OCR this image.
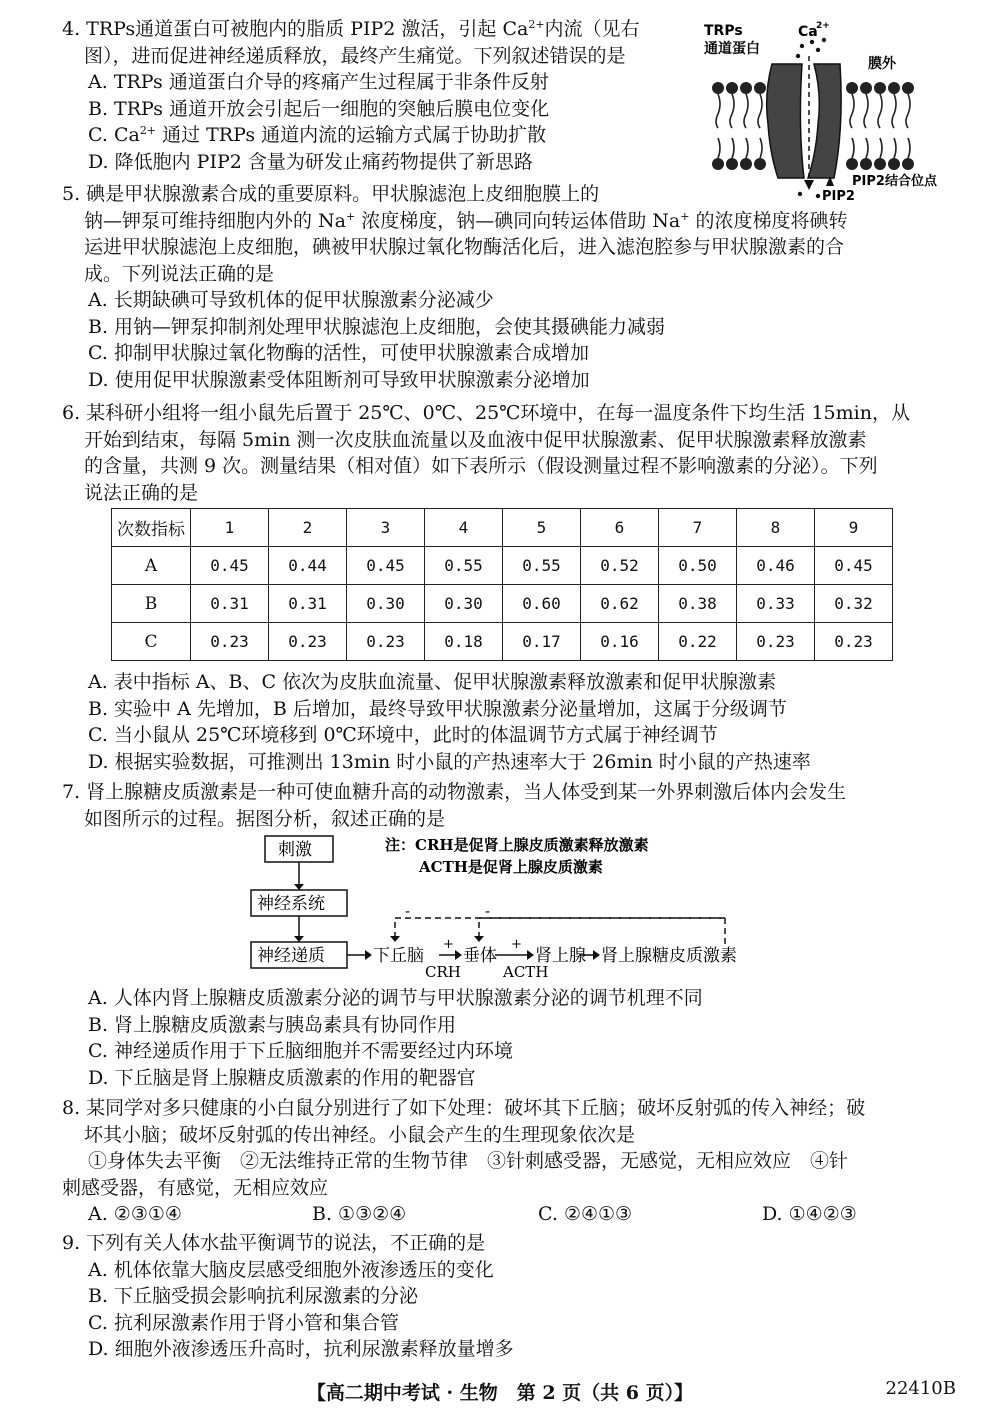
4. TRPs通道蛋白可被胞内的脂质 PIP2 激活，引起 $Ca^{2+}$内流（见右
图），进而促进神经递质释放，最终产生痛觉。下列叙述错误的是

A. TRPs 通道蛋白介导的疼痛产生过程属于非条件反射

B. TRPs 通道开放会引起后一细胞的突触后膜电位变化

C. $Ca^{2+}$ 通过 TRPs 通道内流的运输方式属于协助扩散

D. 降低胞内 PIP2 含量为研发止痛药物提供了新思路

TRPs
通道蛋白
Ca
2+
膜外
PIP2结合位点
PIP2

5. 碘是甲状腺激素合成的重要原料。甲状腺滤泡上皮细胞膜上的
钠—钾泵可维持细胞内外的 Na+ 浓度梯度，钠—碘同向转运体借助 Na+ 的浓度梯度将碘转
运进甲状腺滤泡上皮细胞，碘被甲状腺过氧化物酶活化后，进入滤泡腔参与甲状腺激素的合
成。下列说法正确的是

A. 长期缺碘可导致机体的促甲状腺激素分泌减少

B. 用钠—钾泵抑制剂处理甲状腺滤泡上皮细胞，会使其摄碘能力减弱

C. 抑制甲状腺过氧化物酶的活性，可使甲状腺激素合成增加

D. 使用促甲状腺激素受体阻断剂可导致甲状腺激素分泌增加

6. 某科研小组将一组小鼠先后置于 25℃、0℃、25℃环境中，在每一温度条件下均生活 15min，从
开始到结束，每隔 5min 测一次皮肤血流量以及血液中促甲状腺激素、促甲状腺激素释放激素
的含量，共测 9 次。测量结果（相对值）如下表所示（假设测量过程不影响激素的分泌）。下列
说法正确的是

次数指标	1	2	3	4	5	6	7	8	9
A	0.45	0.44	0.45	0.55	0.55	0.52	0.50	0.46	0.45
B	0.31	0.31	0.30	0.30	0.60	0.62	0.38	0.33	0.32
C	0.23	0.23	0.23	0.18	0.17	0.16	0.22	0.23	0.23

A. 表中指标 A、B、C 依次为皮肤血流量、促甲状腺激素释放激素和促甲状腺激素

B. 实验中 A 先增加，B 后增加，最终导致甲状腺激素分泌量增加，这属于分级调节

C. 当小鼠从 25℃环境移到 0℃环境中，此时的体温调节方式属于神经调节

D. 根据实验数据，可推测出 13min 时小鼠的产热速率大于 26min 时小鼠的产热速率

7. 肾上腺糖皮质激素是一种可使血糖升高的动物激素，当人体受到某一外界刺激后体内会发生
如图所示的过程。据图分析，叙述正确的是

刺激
神经系统
神经递质	下丘脑 垂体 肾上腺 肾上腺糖皮质激素
CRH	ACTH
+	+
-	-
注：CRH是促肾上腺皮质激素释放激素
ACTH是促肾上腺皮质激素

A. 人体内肾上腺糖皮质激素分泌的调节与甲状腺激素分泌的调节机理不同

B. 肾上腺糖皮质激素与胰岛素具有协同作用

C. 神经递质作用于下丘脑细胞并不需要经过内环境

D. 下丘脑是肾上腺糖皮质激素的作用的靶器官

8. 某同学对多只健康的小白鼠分别进行了如下处理：破坏其下丘脑；破坏反射弧的传入神经；破
坏其小脑；破坏反射弧的传出神经。小鼠会产生的生理现象依次是

①身体失去平衡　②无法维持正常的生物节律　③针刺感受器，无感觉，无相应效应　④针

刺感受器，有感觉，无相应效应

A. ②③①④	B. ①③②④	C. ②④①③	D. ①④②③

9. 下列有关人体水盐平衡调节的说法，不正确的是

A. 机体依靠大脑皮层感受细胞外液渗透压的变化

B. 下丘脑受损会影响抗利尿激素的分泌

C. 抗利尿激素作用于肾小管和集合管

D. 细胞外液渗透压升高时，抗利尿激素释放量增多

【高二期中考试 · 生物　第 2 页（共 6 页）】	22410B
